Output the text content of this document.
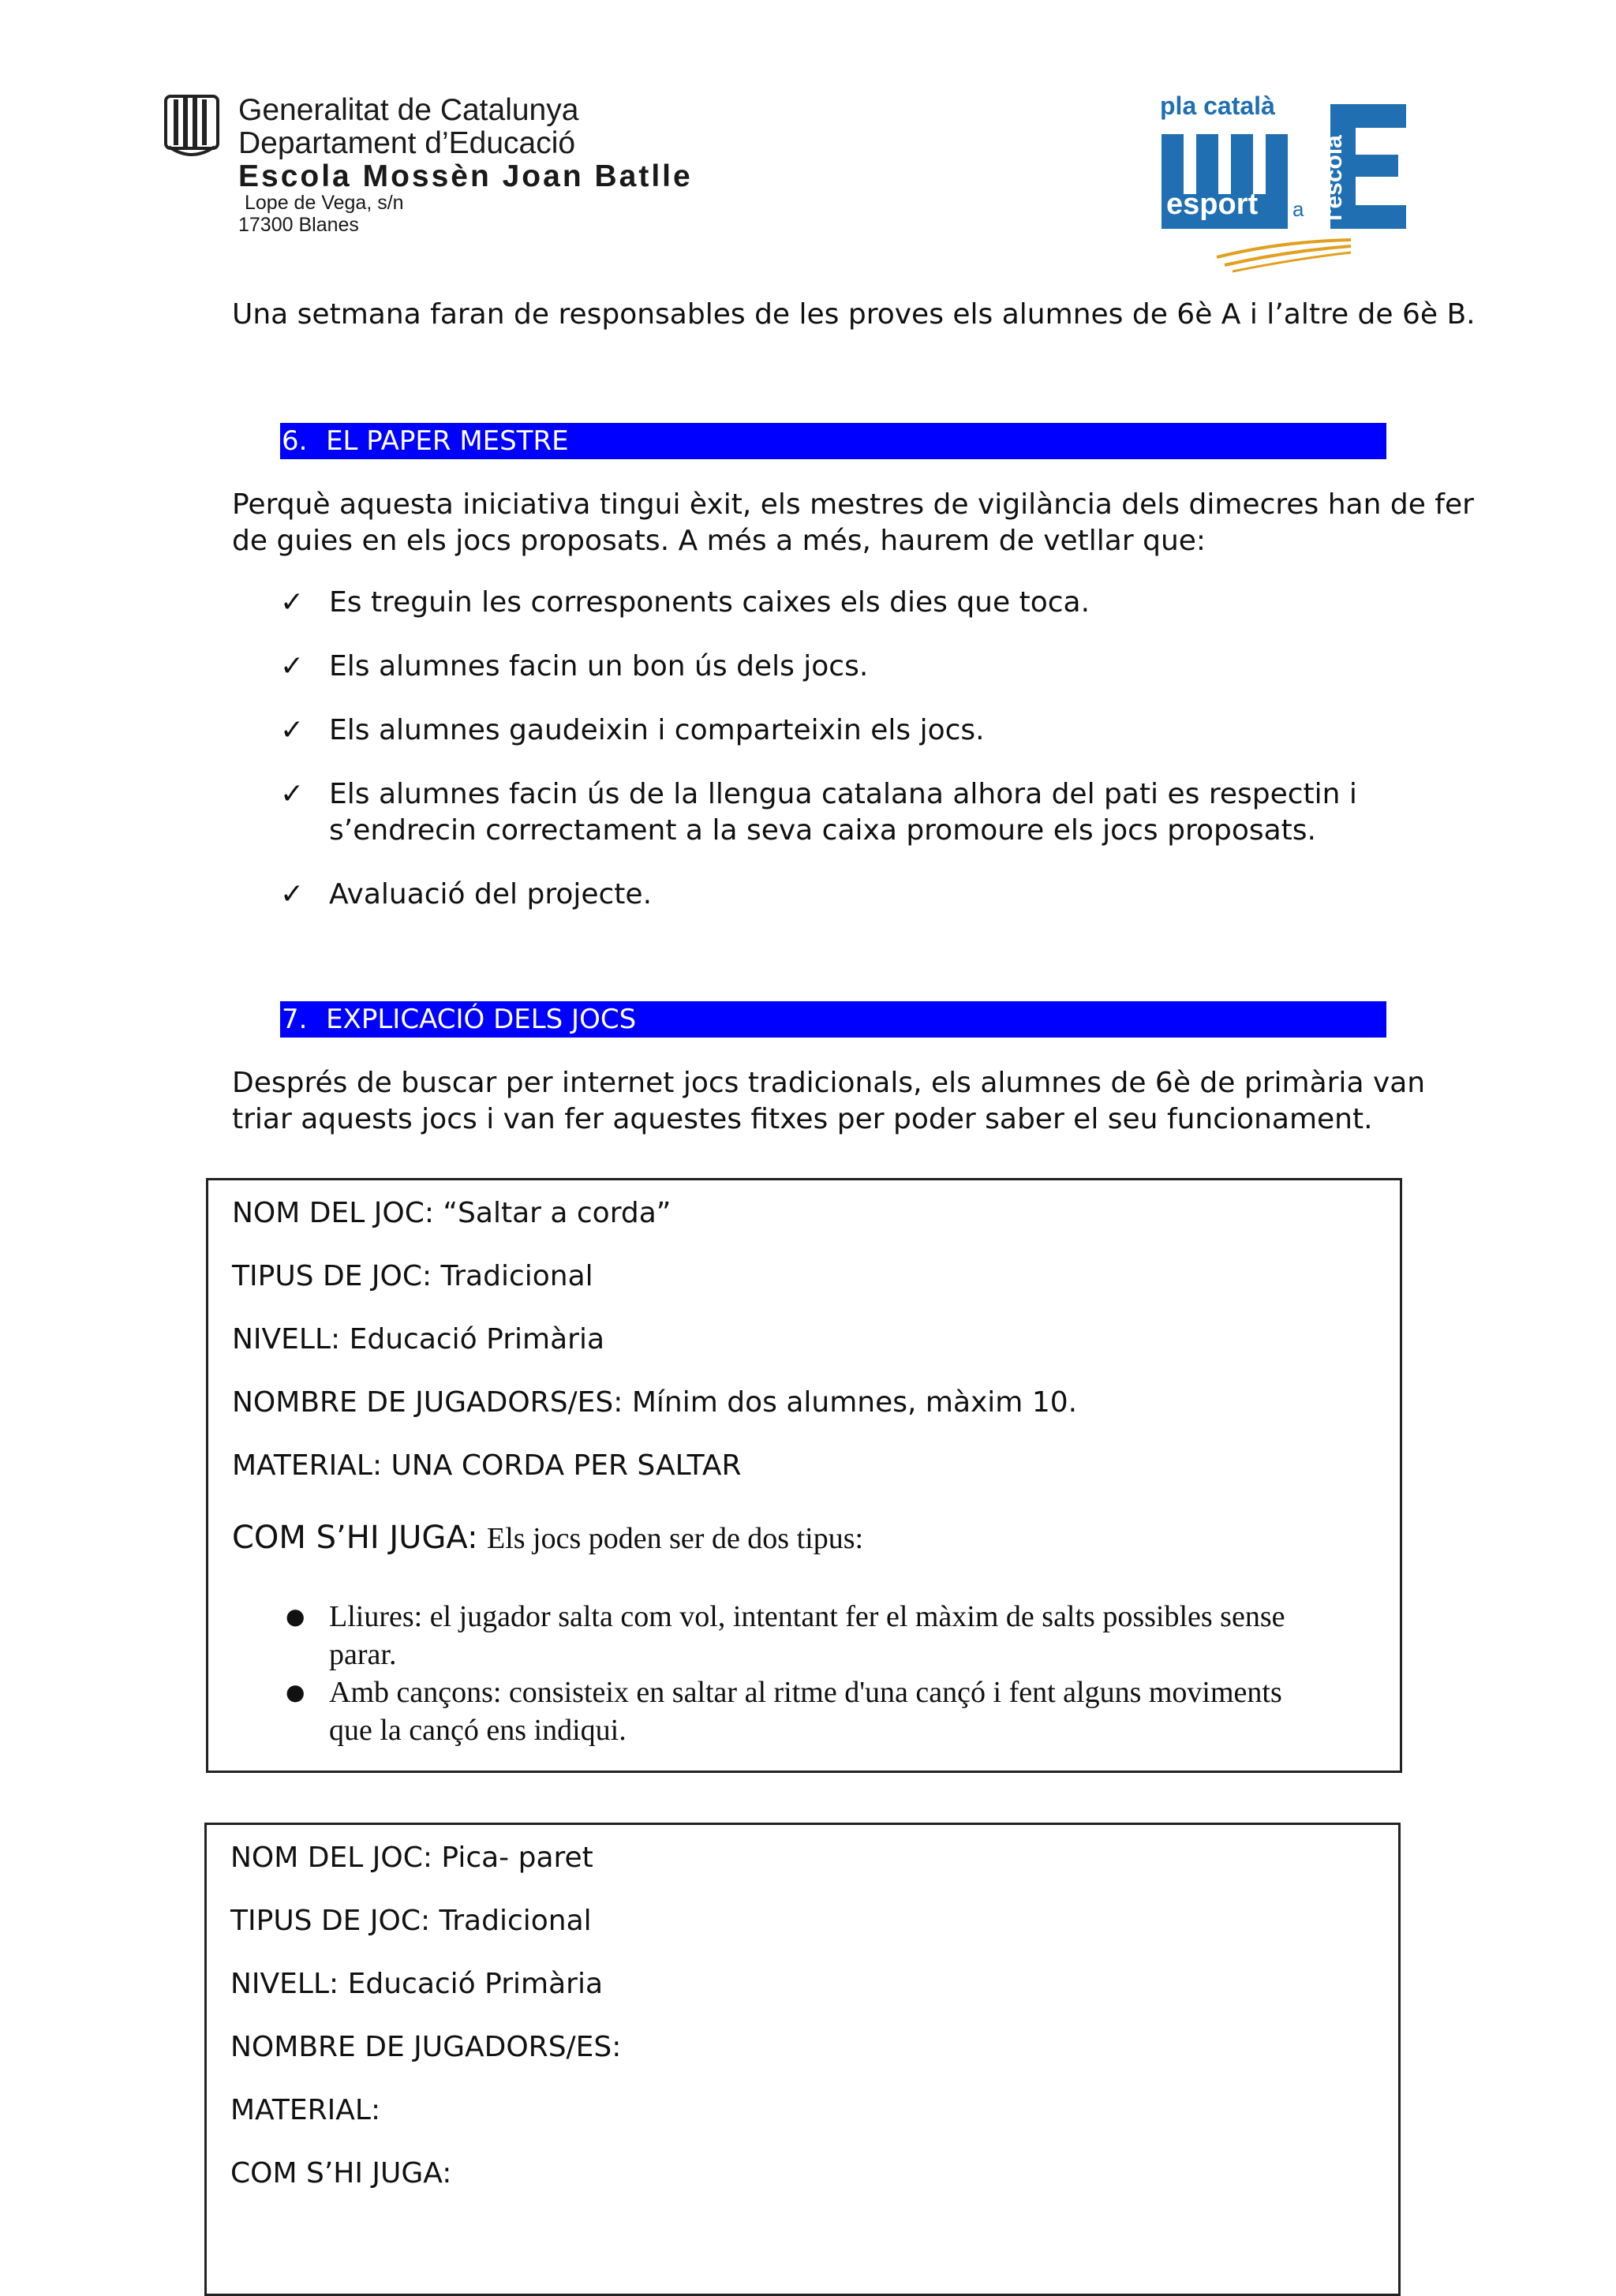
Generalitat de Catalunya
Departament d’Educació
Escola Mossèn Joan Batlle
Lope de Vega, s/n
17300 Blanes
pla català
esport a l'escola
Una setmana faran de responsables de les proves els alumnes de 6è A i l’altre de 6è B.
6. EL PAPER MESTRE
Perquè aquesta iniciativa tingui èxit, els mestres de vigilància dels dimecres han de fer
de guies en els jocs proposats. A més a més, haurem de vetllar que:
✓ Es treguin les corresponents caixes els dies que toca.
✓ Els alumnes facin un bon ús dels jocs.
✓ Els alumnes gaudeixin i comparteixin els jocs.
✓ Els alumnes facin ús de la llengua catalana alhora del pati es respectin i
s’endrecin correctament a la seva caixa promoure els jocs proposats.
✓ Avaluació del projecte.
7. EXPLICACIÓ DELS JOCS
Després de buscar per internet jocs tradicionals, els alumnes de 6è de primària van
triar aquests jocs i van fer aquestes fitxes per poder saber el seu funcionament.
NOM DEL JOC: “Saltar a corda”
TIPUS DE JOC: Tradicional
NIVELL: Educació Primària
NOMBRE DE JUGADORS/ES: Mínim dos alumnes, màxim 10.
MATERIAL: UNA CORDA PER SALTAR
COM S’HI JUGA: Els jocs poden ser de dos tipus:
● Lliures: el jugador salta com vol, intentant fer el màxim de salts possibles sense
parar.
● Amb cançons: consisteix en saltar al ritme d'una cançó i fent alguns moviments
que la cançó ens indiqui.
NOM DEL JOC: Pica- paret
TIPUS DE JOC: Tradicional
NIVELL: Educació Primària
NOMBRE DE JUGADORS/ES:
MATERIAL:
COM S’HI JUGA:
